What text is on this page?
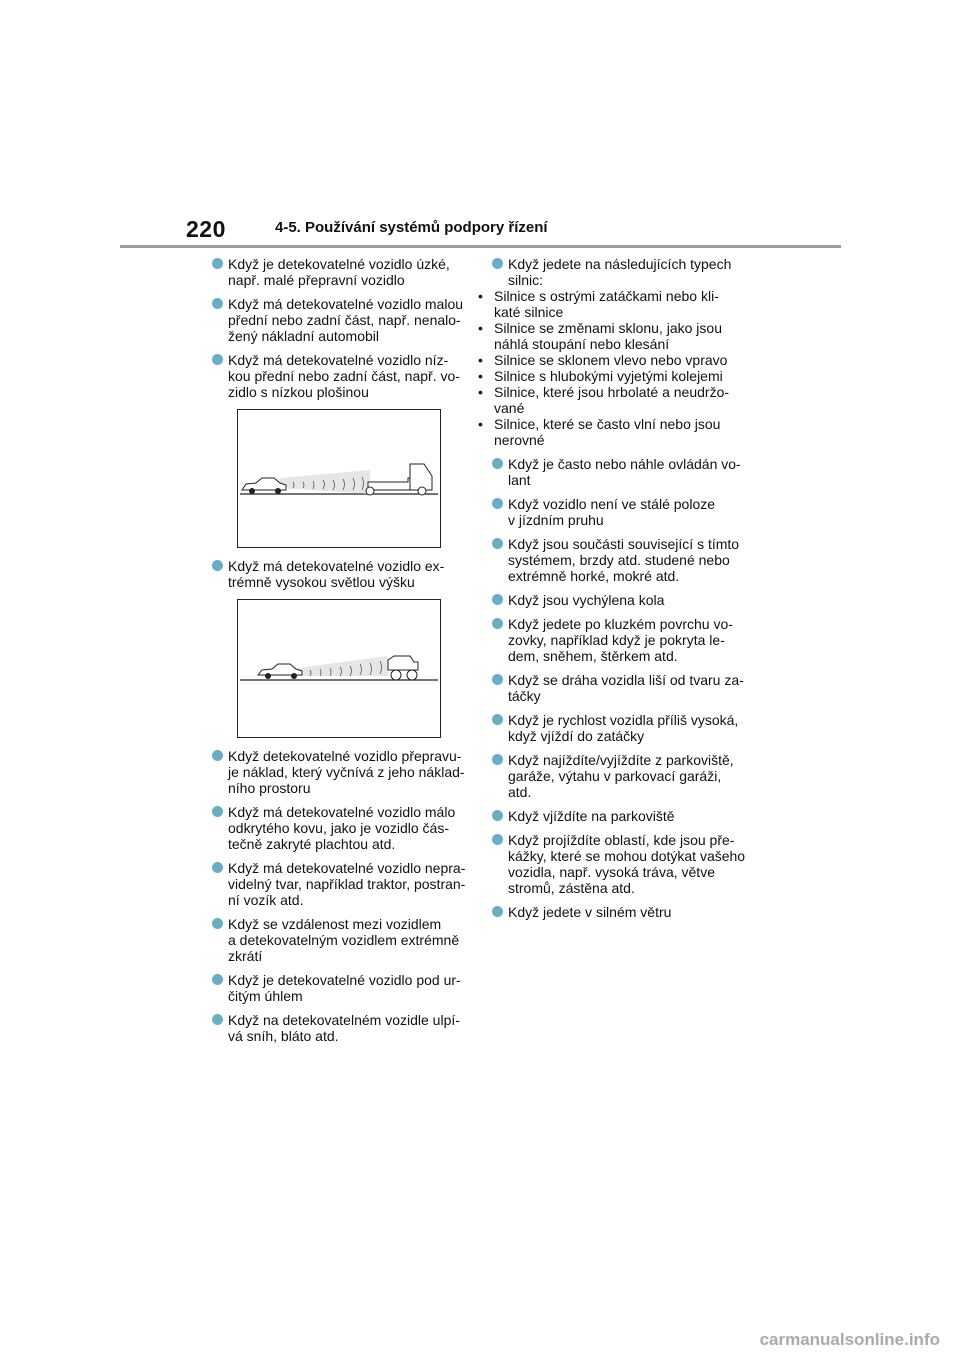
220	4-5. Používání systémů podpory řízení
Když je detekovatelné vozidlo úzké,
např. malé přepravní vozidlo
Když má detekovatelné vozidlo malou
přední nebo zadní část, např. nenalo-
žený nákladní automobil
Když má detekovatelné vozidlo níz-
kou přední nebo zadní část, např. vo-
zidlo s nízkou plošinou
Když má detekovatelné vozidlo ex-
trémně vysokou světlou výšku
Když detekovatelné vozidlo přepravu-
je náklad, který vyčnívá z jeho náklad-
ního prostoru
Když má detekovatelné vozidlo málo
odkrytého kovu, jako je vozidlo čás-
tečně zakryté plachtou atd.
Když má detekovatelné vozidlo nepra-
videlný tvar, například traktor, postran-
ní vozík atd.
Když se vzdálenost mezi vozidlem
a detekovatelným vozidlem extrémně
zkrátí
Když je detekovatelné vozidlo pod ur-
čitým úhlem
Když na detekovatelném vozidle ulpí-
vá sníh, bláto atd.
Když jedete na následujících typech
silnic:
• Silnice s ostrými zatáčkami nebo kli-
katé silnice
• Silnice se změnami sklonu, jako jsou
náhlá stoupání nebo klesání
• Silnice se sklonem vlevo nebo vpravo
• Silnice s hlubokými vyjetými kolejemi
• Silnice, které jsou hrbolaté a neudržo-
vané
• Silnice, které se často vlní nebo jsou
nerovné
Když je často nebo náhle ovládán vo-
lant
Když vozidlo není ve stálé poloze
v jízdním pruhu
Když jsou součásti související s tímto
systémem, brzdy atd. studené nebo
extrémně horké, mokré atd.
Když jsou vychýlena kola
Když jedete po kluzkém povrchu vo-
zovky, například když je pokryta le-
dem, sněhem, štěrkem atd.
Když se dráha vozidla liší od tvaru za-
táčky
Když je rychlost vozidla příliš vysoká,
když vjíždí do zatáčky
Když najíždíte/vyjíždíte z parkoviště,
garáže, výtahu v parkovací garáži,
atd.
Když vjíždíte na parkoviště
Když projíždíte oblastí, kde jsou pře-
kážky, které se mohou dotýkat vašeho
vozidla, např. vysoká tráva, větve
stromů, zástěna atd.
Když jedete v silném větru
carmanualsonline.info
